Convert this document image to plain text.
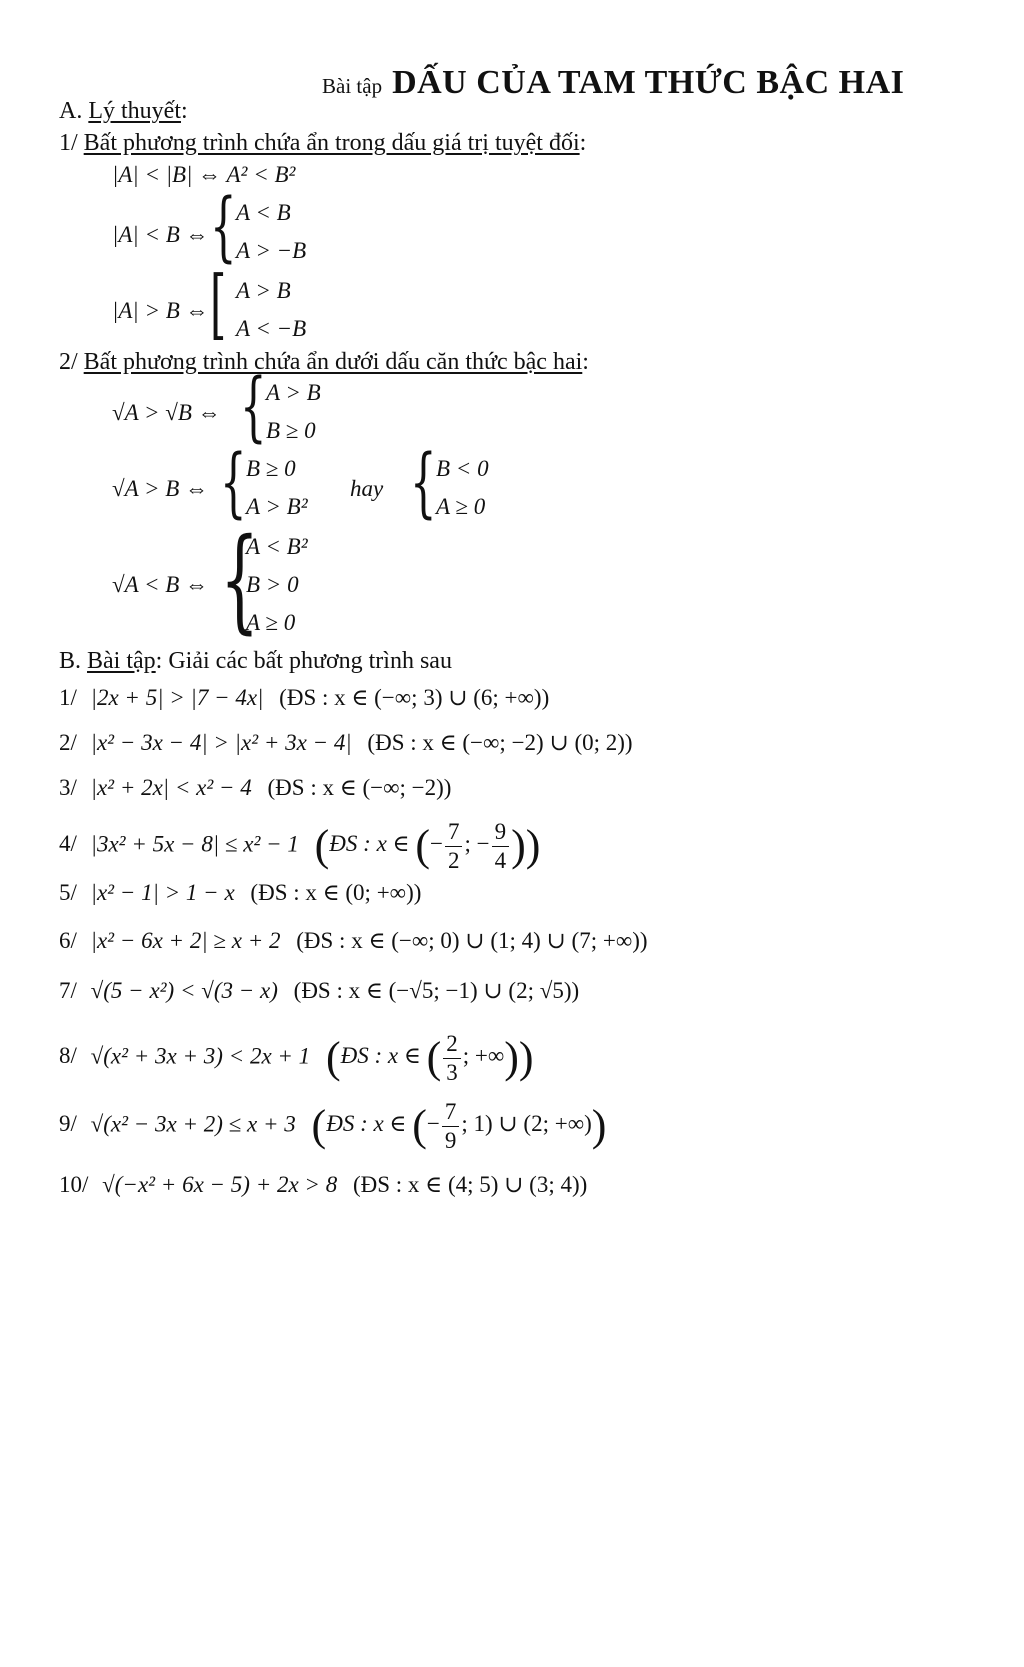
Bài tập DẤU CỦA TAM THỨC BẬC HAI
A. Lý thuyết:
1/ Bất phương trình chứa ẩn trong dấu giá trị tuyệt đối:
|A| < |B| ⇔ A² < B²
|A| < B ⇔ { A < B
A > −B
|A| > B ⇔ [ A > B
A < −B
2/ Bất phương trình chứa ẩn dưới dấu căn thức bậc hai:
√A > √B ⇔ { A > B
B ≥ 0
√A > B ⇔ { B ≥ 0
A > B²
hay { B < 0
A ≥ 0
√A < B ⇔ {
A < B²
B > 0
A ≥ 0
B. Bài tập: Giải các bất phương trình sau
1/ |2x + 5| > |7 − 4x| (ĐS : x ∈ (−∞; 3) ∪ (6; +∞))
2/ |x² − 3x − 4| > |x² + 3x − 4| (ĐS : x ∈ (−∞; −2) ∪ (0; 2))
3/ |x² + 2x| < x² − 4 (ĐS : x ∈ (−∞; −2))
4/ |3x² + 5x − 8| ≤ x² − 1 (ĐS : x ∈ (− $\frac{7}{2}$ ; − $\frac{9}{4}$ ))
5/ |x² − 1| > 1 − x (ĐS : x ∈ (0; +∞))
6/ |x² − 6x + 2| ≥ x + 2 (ĐS : x ∈ (−∞; 0) ∪ (1; 4) ∪ (7; +∞))
7/ √(5 − x²) < √(3 − x) (ĐS : x ∈ (−√5; −1) ∪ (2; √5))
8/ √(x² + 3x + 3) < 2x + 1 (ĐS : x ∈ ( $\frac{2}{3}$ ; +∞))
9/ √(x² − 3x + 2) ≤ x + 3 (ĐS : x ∈ (− $\frac{7}{9}$ ; 1) ∪ (2; +∞))
10/ √(−x² + 6x − 5) + 2x > 8 (ĐS : x ∈ (4; 5) ∪ (3; 4))
